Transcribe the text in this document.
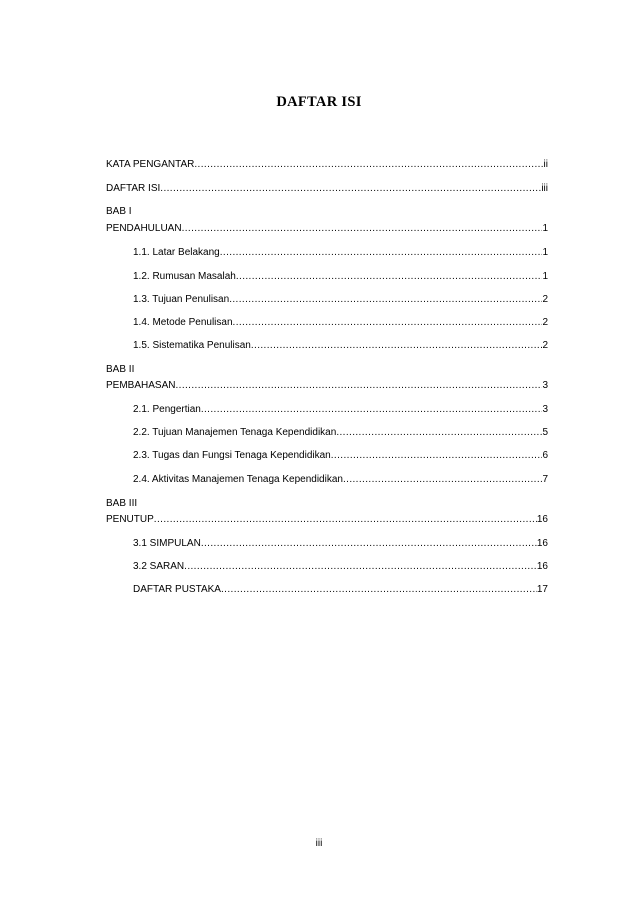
DAFTAR ISI
KATA PENGANTAR .....	ii
DAFTAR ISI .....	iii
BAB I
PENDAHULUAN .....	1
1.1. Latar Belakang .....	1
1.2. Rumusan Masalah .....	1
1.3. Tujuan Penulisan .....	2
1.4. Metode Penulisan .....	2
1.5. Sistematika Penulisan .....	2
BAB II
PEMBAHASAN .....	3
2.1. Pengertian .....	3
2.2. Tujuan Manajemen Tenaga Kependidikan .....	5
2.3. Tugas dan Fungsi Tenaga Kependidikan .....	6
2.4. Aktivitas Manajemen Tenaga Kependidikan .....	7
BAB III
PENUTUP .....	16
3.1 SIMPULAN .....	16
3.2 SARAN .....	16
DAFTAR PUSTAKA .....	17
iii
